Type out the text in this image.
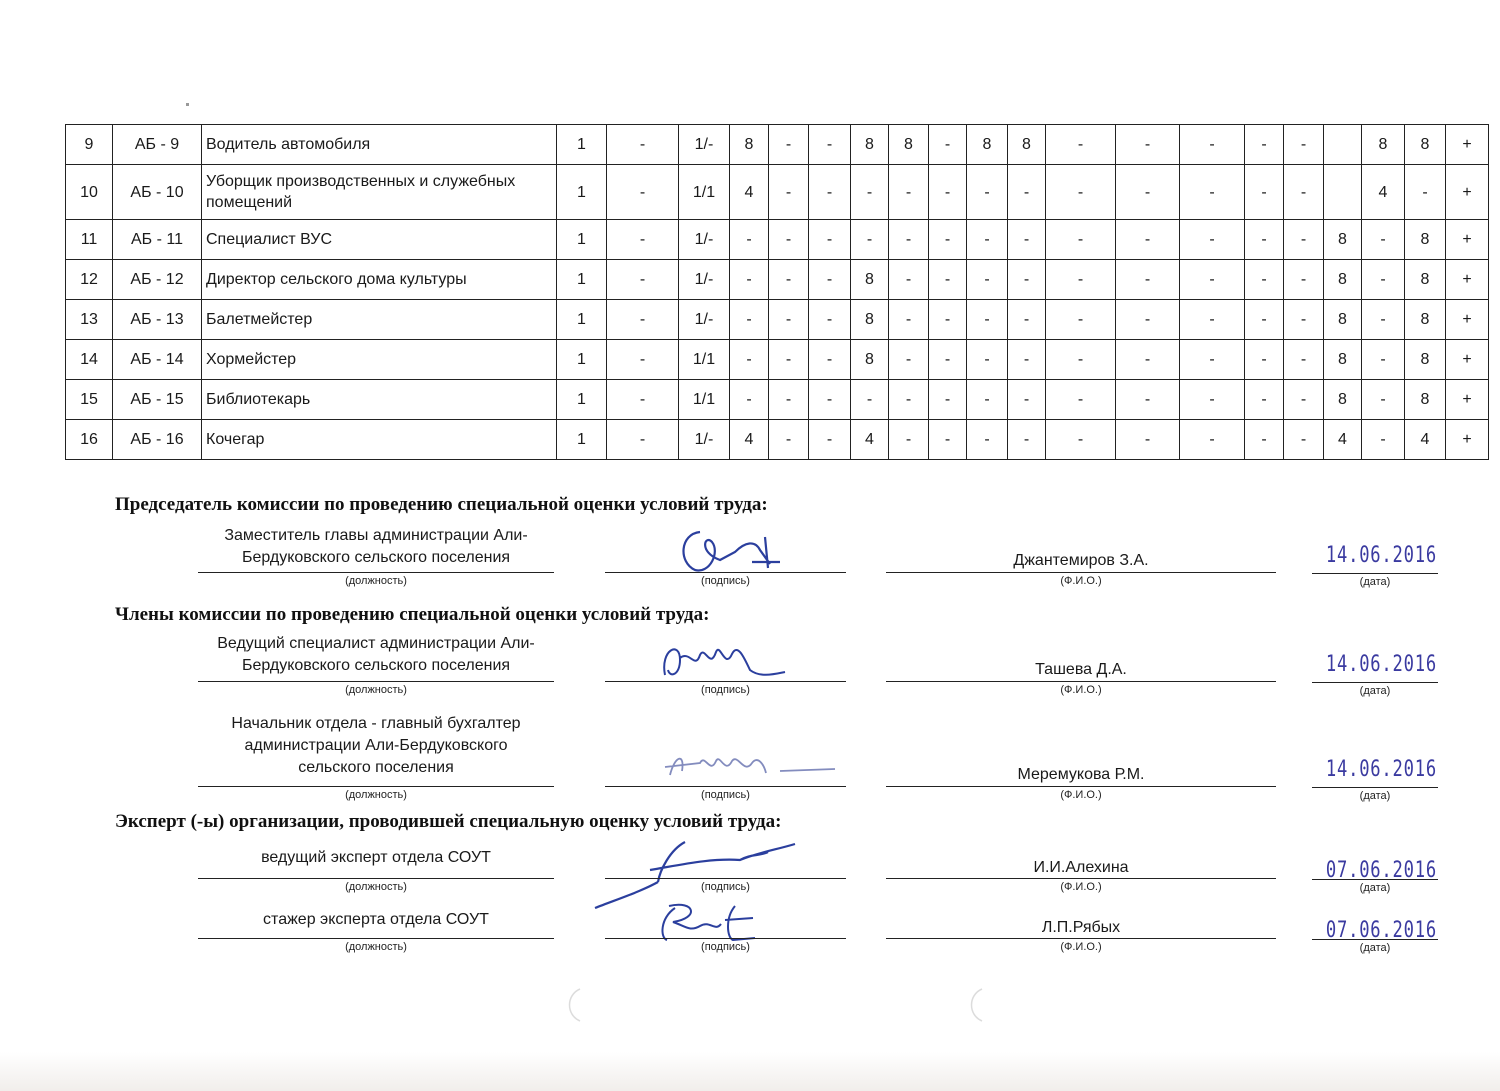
9	АБ - 9	Водитель автомобиля	1	-	1/-	8	-	-	8	8	-	8	8	-	-	-	-	-		8	8	+
10	АБ - 10	Уборщик производственных и служебных помещений	1	-	1/1	4	-	-	-	-	-	-	-	-	-	-	-	-		4	-	+
11	АБ - 11	Специалист ВУС	1	-	1/-	-	-	-	-	-	-	-	-	-	-	-	-	-	8	-	8	+
12	АБ - 12	Директор сельского дома культуры	1	-	1/-	-	-	-	8	-	-	-	-	-	-	-	-	-	8	-	8	+
13	АБ - 13	Балетмейстер	1	-	1/-	-	-	-	8	-	-	-	-	-	-	-	-	-	8	-	8	+
14	АБ - 14	Хормейстер	1	-	1/1	-	-	-	8	-	-	-	-	-	-	-	-	-	8	-	8	+
15	АБ - 15	Библиотекарь	1	-	1/1	-	-	-	-	-	-	-	-	-	-	-	-	-	8	-	8	+
16	АБ - 16	Кочегар	1	-	1/-	4	-	-	4	-	-	-	-	-	-	-	-	-	4	-	4	+
Председатель комиссии по проведению специальной оценки условий труда:
Заместитель главы администрации Али-
Бердуковского сельского поселения
(должность)	(подпись)
Джантемиров З.А.
(Ф.И.О.)
14.06.2016
(дата)
Члены комиссии по проведению специальной оценки условий труда:
Ведущий специалист администрации Али-
Бердуковского сельского поселения
(должность)	(подпись)
Ташева Д.А.
(Ф.И.О.)
14.06.2016
(дата)
Начальник отдела - главный бухгалтер
администрации Али-Бердуковского
сельского поселения
(должность)	(подпись)
Меремукова Р.М.
(Ф.И.О.)
14.06.2016
(дата)
Эксперт (-ы) организации, проводившей специальную оценку условий труда:
ведущий эксперт отдела СОУТ
(должность)	(подпись)
И.И.Алехина
(Ф.И.О.)
07.06.2016
(дата)
стажер эксперта отдела СОУТ
(должность)	(подпись)
Л.П.Рябых
(Ф.И.О.)
07.06.2016
(дата)
